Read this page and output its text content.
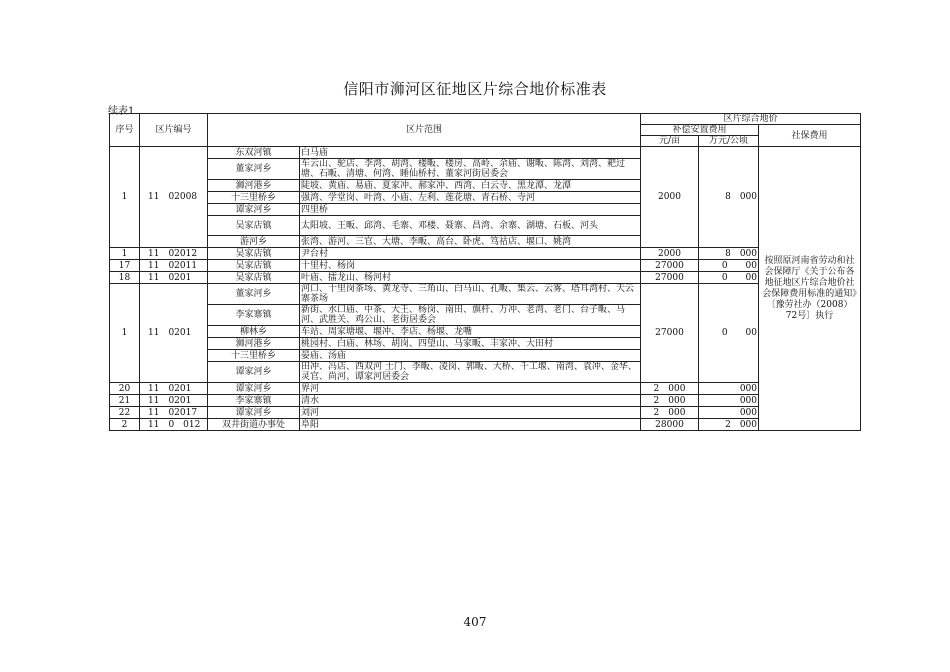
信阳市浉河区征地区片综合地价标准表
续表1
序号	区片编号	区片范围		区片综合地价		
				补偿安置费用		社保费用
				元/亩	万元/公顷	
1	11　02008	东双河镇	白马庙	2000	8　000	按照原河南省劳动和社会保障厅《关于公布各地征地区片综合地价社会保障费用标准的通知》〔豫劳社办（2008）72号〕执行
		董家河乡	车云山、驼店、李湾、胡湾、楼畈、楼房、高岭、余庙、谢畈、陈湾、刘湾、耙过塘、石畈、清塘、何湾、睡仙桥村、董家河街居委会			
		浉河港乡	陡坡、黄庙、易庙、夏家冲、郝家冲、西湾、白云寺、黑龙潭、龙潭			
		十三里桥乡	强湾、学堂岗、叶湾、小庙、左利、莲花塘、青石桥、寺河			
		谭家河乡	四里桥			
		吴家店镇	太阳坡、王畈、邱湾、毛寨、邓楼、聂寨、昌湾、余寨、湖塘、石板、河头			
		游河乡	张湾、游河、三官、大塘、李畈、高台、卧虎、笃祜店、堰口、姚湾			
1	11　02012	吴家店镇	尹台村	2000	8　000	
17	11　02011	吴家店镇	十里村、杨岗	27000	0　　00	
18	11　0201	吴家店镇	叶庙、擂龙山、杨河村	27000	0　　00	
1	11　0201	董家河乡	河口、十里岗茶场、黄龙寺、三角山、白马山、孔畈、集云、云雾、塔耳湾村、天云寨茶场	27000	0　　00	
		李家寨镇	新街、水口庙、中茶、大王、杨岗、南田、旗杆、万冲、老湾、老门、台子畈、马河、武胜关、鸡公山、老街居委会			
		柳林乡	车站、周家塘堰、堰冲、李店、杨堰、龙嘴			
		浉河港乡	桃园村、白庙、林场、胡岗、四望山、马家畈、丰家冲、大田村			
		十三里桥乡	晏庙、汤庙			
		谭家河乡	田冲、冯店、西双河 土门、李畈、凌岗、郭畈、大桥、千工堰、南湾、袁冲、金华、灵官、尚河、谭家河居委会			
20	11　0201	谭家河乡	界河	2　000	000	
21	11　0201	李家寨镇	清水	2　000	000	
22	11　02017	谭家河乡	刘河	2　000	000	
2	11　0　012	双井街道办事处	阜阳	28000	2　000	
407
